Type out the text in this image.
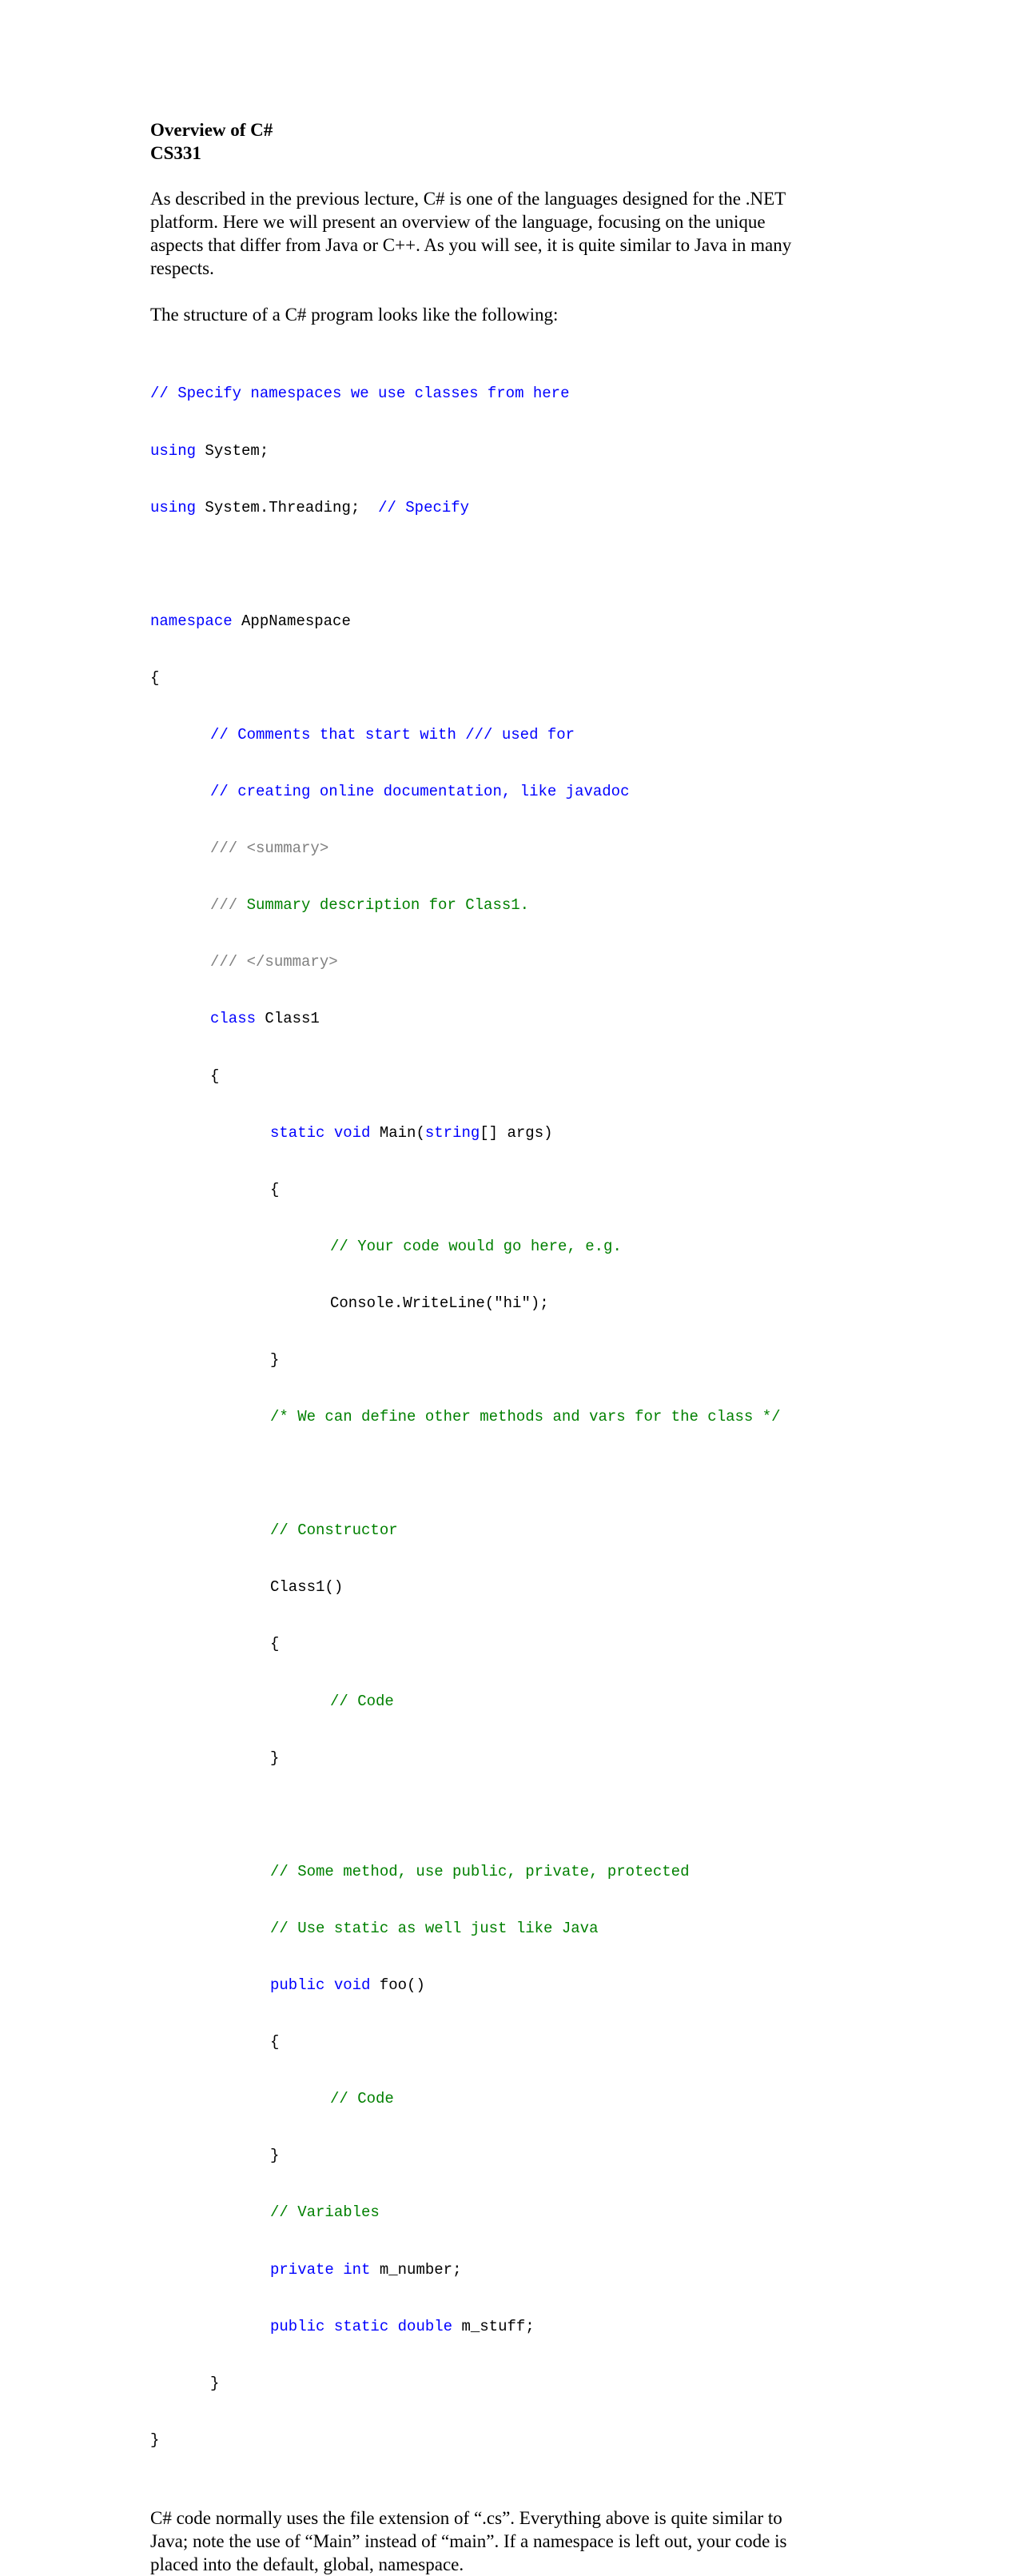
Overview of C#

CS331

As described in the previous lecture, C# is one of the languages designed for the .NET
platform. Here we will present an overview of the language, focusing on the unique
aspects that differ from Java or C++. As you will see, it is quite similar to Java in many
respects.

The structure of a C# program looks like the following:

// Specify namespaces we use classes from here

using System;

using System.Threading;  // Specify

namespace AppNamespace

{

// Comments that start with /// used for

// creating online documentation, like javadoc

/// <summary>

/// Summary description for Class1.

/// </summary>

class Class1

{

static void Main(string[] args)

{

// Your code would go here, e.g.

Console.WriteLine("hi");

}

/* We can define other methods and vars for the class */

// Constructor

Class1()

{

// Code

}

// Some method, use public, private, protected

// Use static as well just like Java

public void foo()

{

// Code

}

// Variables

private int m_number;

public static double m_stuff;

}

}

C# code normally uses the file extension of “.cs”. Everything above is quite similar to
Java; note the use of “Main” instead of “main”. If a namespace is left out, your code is
placed into the default, global, namespace.
